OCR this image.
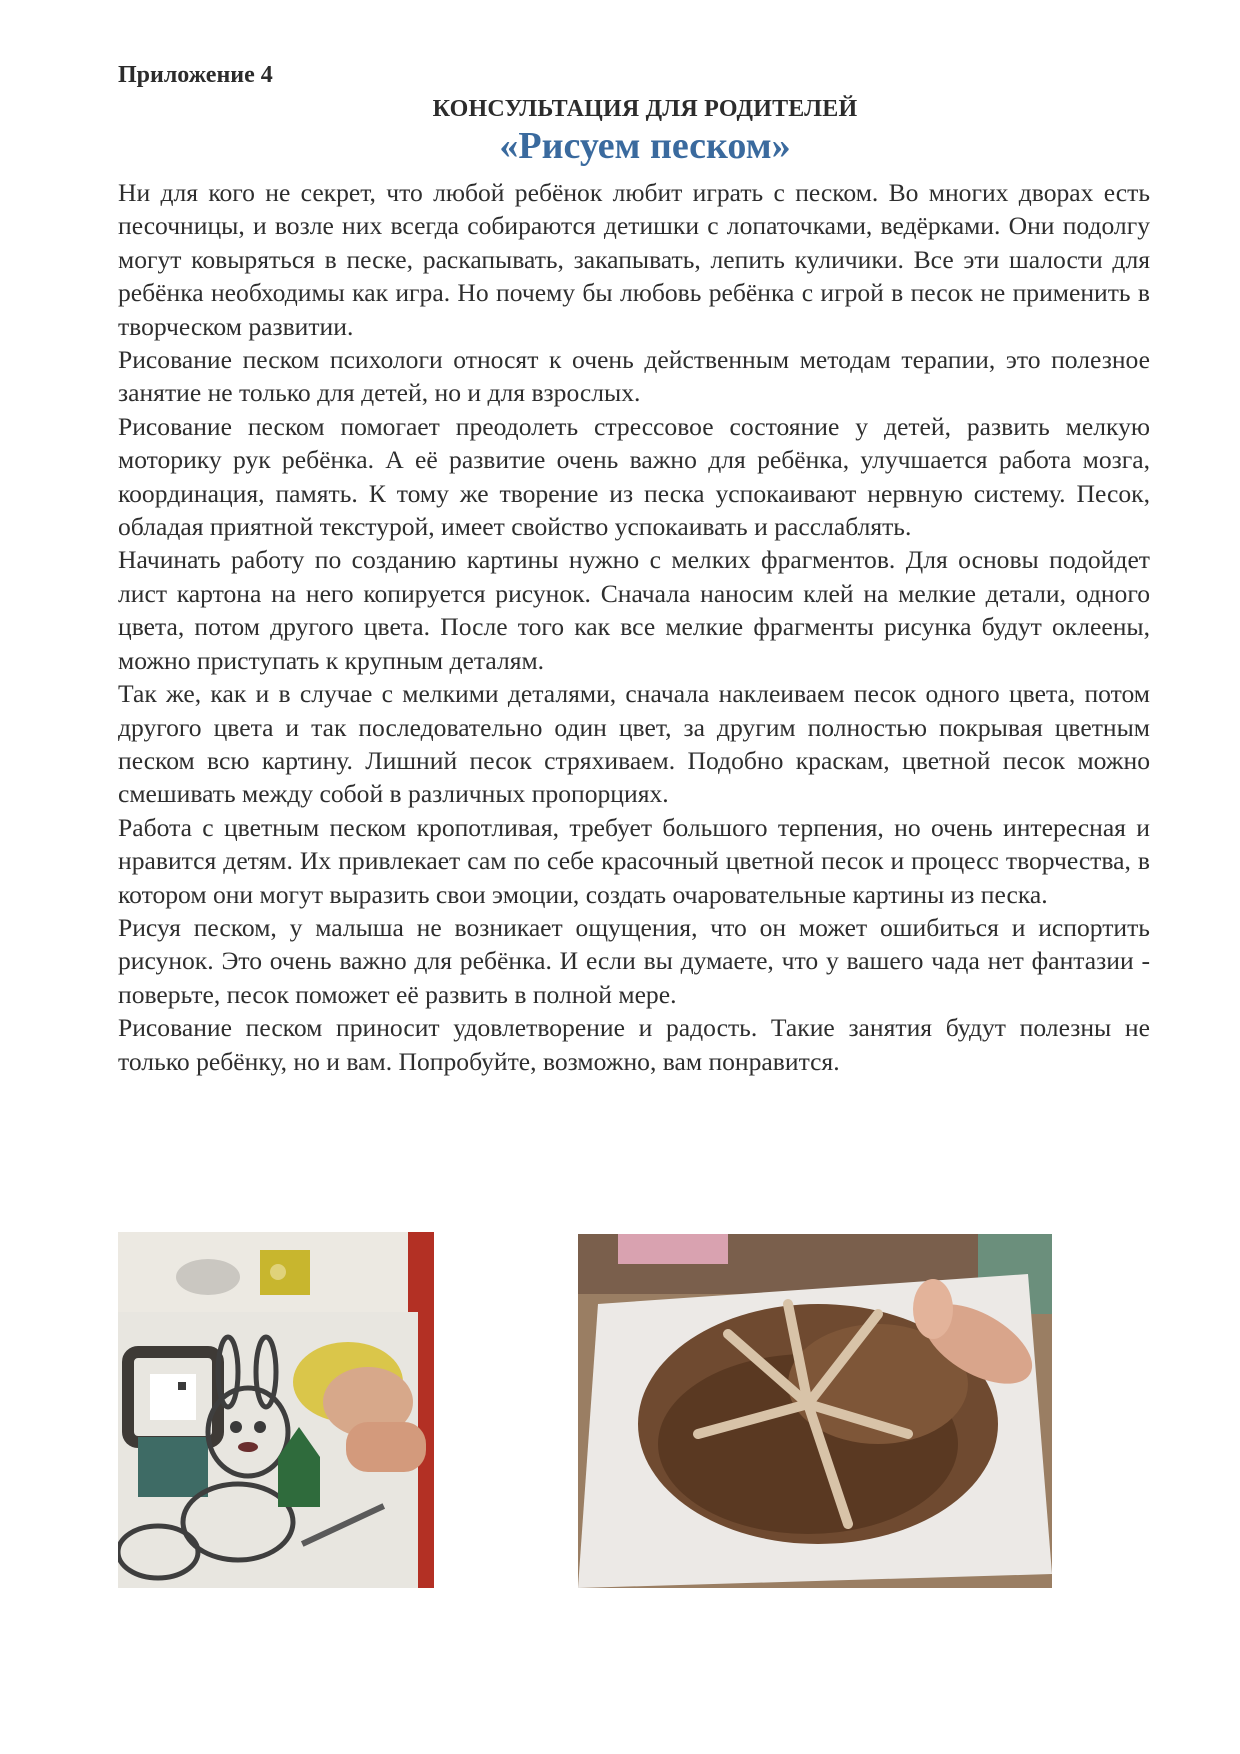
Приложение 4
КОНСУЛЬТАЦИЯ ДЛЯ РОДИТЕЛЕЙ
«Рисуем песком»

Ни для кого не секрет, что любой ребёнок любит играть с песком. Во многих дворах есть песочницы, и возле них всегда собираются детишки с лопаточками, ведёрками. Они подолгу могут ковыряться в песке, раскапывать, закапывать, лепить куличики. Все эти шалости для ребёнка необходимы как игра. Но почему бы любовь ребёнка с игрой в песок не применить в творческом развитии.

Рисование песком психологи относят к очень действенным методам терапии, это полезное занятие не только для детей, но и для взрослых.

Рисование песком помогает преодолеть стрессовое состояние у детей, развить мелкую моторику рук ребёнка. А её развитие очень важно для ребёнка, улучшается работа мозга, координация, память. К тому же творение из песка успокаивают нервную систему. Песок, обладая приятной текстурой, имеет свойство успокаивать и расслаблять.

Начинать работу по созданию картины нужно с мелких фрагментов. Для основы подойдет лист картона на него копируется рисунок. Сначала наносим клей на мелкие детали, одного цвета, потом другого цвета. После того как все мелкие фрагменты рисунка будут оклеены, можно приступать к крупным деталям.

Так же, как и в случае с мелкими деталями, сначала наклеиваем песок одного цвета, потом другого цвета и так последовательно один цвет, за другим полностью покрывая цветным песком всю картину. Лишний песок стряхиваем. Подобно краскам, цветной песок можно смешивать между собой в различных пропорциях.

Работа с цветным песком кропотливая, требует большого терпения, но очень интересная и нравится детям. Их привлекает сам по себе красочный цветной песок и процесс творчества, в котором они могут выразить свои эмоции, создать очаровательные картины из песка.

Рисуя песком, у малыша не возникает ощущения, что он может ошибиться и испортить рисунок. Это очень важно для ребёнка. И если вы думаете, что у вашего чада нет фантазии - поверьте, песок поможет её развить в полной мере.

Рисование песком приносит удовлетворение и радость. Такие занятия будут полезны не только ребёнку, но и вам. Попробуйте, возможно, вам понравится.
